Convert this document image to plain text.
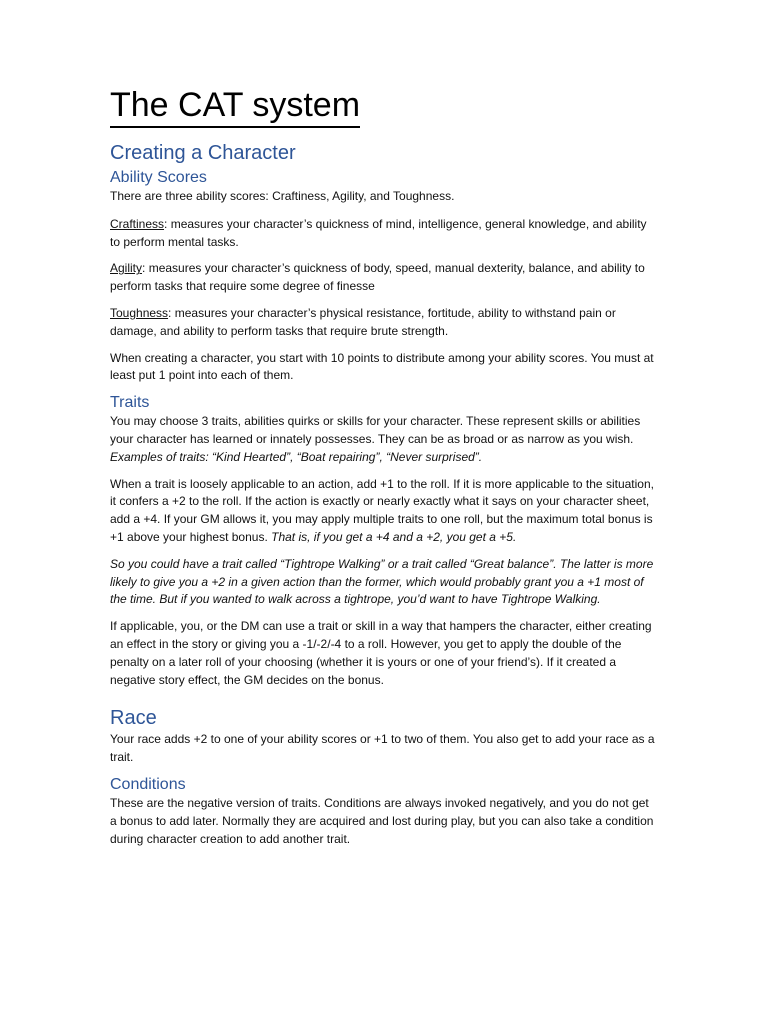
The CAT system
Creating a Character
Ability Scores

There are three ability scores: Craftiness, Agility, and Toughness.

Craftiness: measures your character’s quickness of mind, intelligence, general knowledge, and ability to perform mental tasks.

Agility: measures your character’s quickness of body, speed, manual dexterity, balance, and ability to perform tasks that require some degree of finesse

Toughness: measures your character’s physical resistance, fortitude, ability to withstand pain or damage, and ability to perform tasks that require brute strength.

When creating a character, you start with 10 points to distribute among your ability scores. You must at least put 1 point into each of them.

Traits

You may choose 3 traits, abilities quirks or skills for your character. These represent skills or abilities your character has learned or innately possesses. They can be as broad or as narrow as you wish. Examples of traits: “Kind Hearted”, “Boat repairing”, “Never surprised”.

When a trait is loosely applicable to an action, add +1 to the roll. If it is more applicable to the situation, it confers a +2 to the roll. If the action is exactly or nearly exactly what it says on your character sheet, add a +4. If your GM allows it, you may apply multiple traits to one roll, but the maximum total bonus is +1 above your highest bonus. That is, if you get a +4 and a +2, you get a +5.

So you could have a trait called “Tightrope Walking” or a trait called “Great balance”. The latter is more likely to give you a +2 in a given action than the former, which would probably grant you a +1 most of the time. But if you wanted to walk across a tightrope, you’d want to have Tightrope Walking.

If applicable, you, or the DM can use a trait or skill in a way that hampers the character, either creating an effect in the story or giving you a -1/-2/-4 to a roll. However, you get to apply the double of the penalty on a later roll of your choosing (whether it is yours or one of your friend’s). If it created a negative story effect, the GM decides on the bonus.

Race

Your race adds +2 to one of your ability scores or +1 to two of them. You also get to add your race as a trait.

Conditions

These are the negative version of traits. Conditions are always invoked negatively, and you do not get a bonus to add later. Normally they are acquired and lost during play, but you can also take a condition during character creation to add another trait.
